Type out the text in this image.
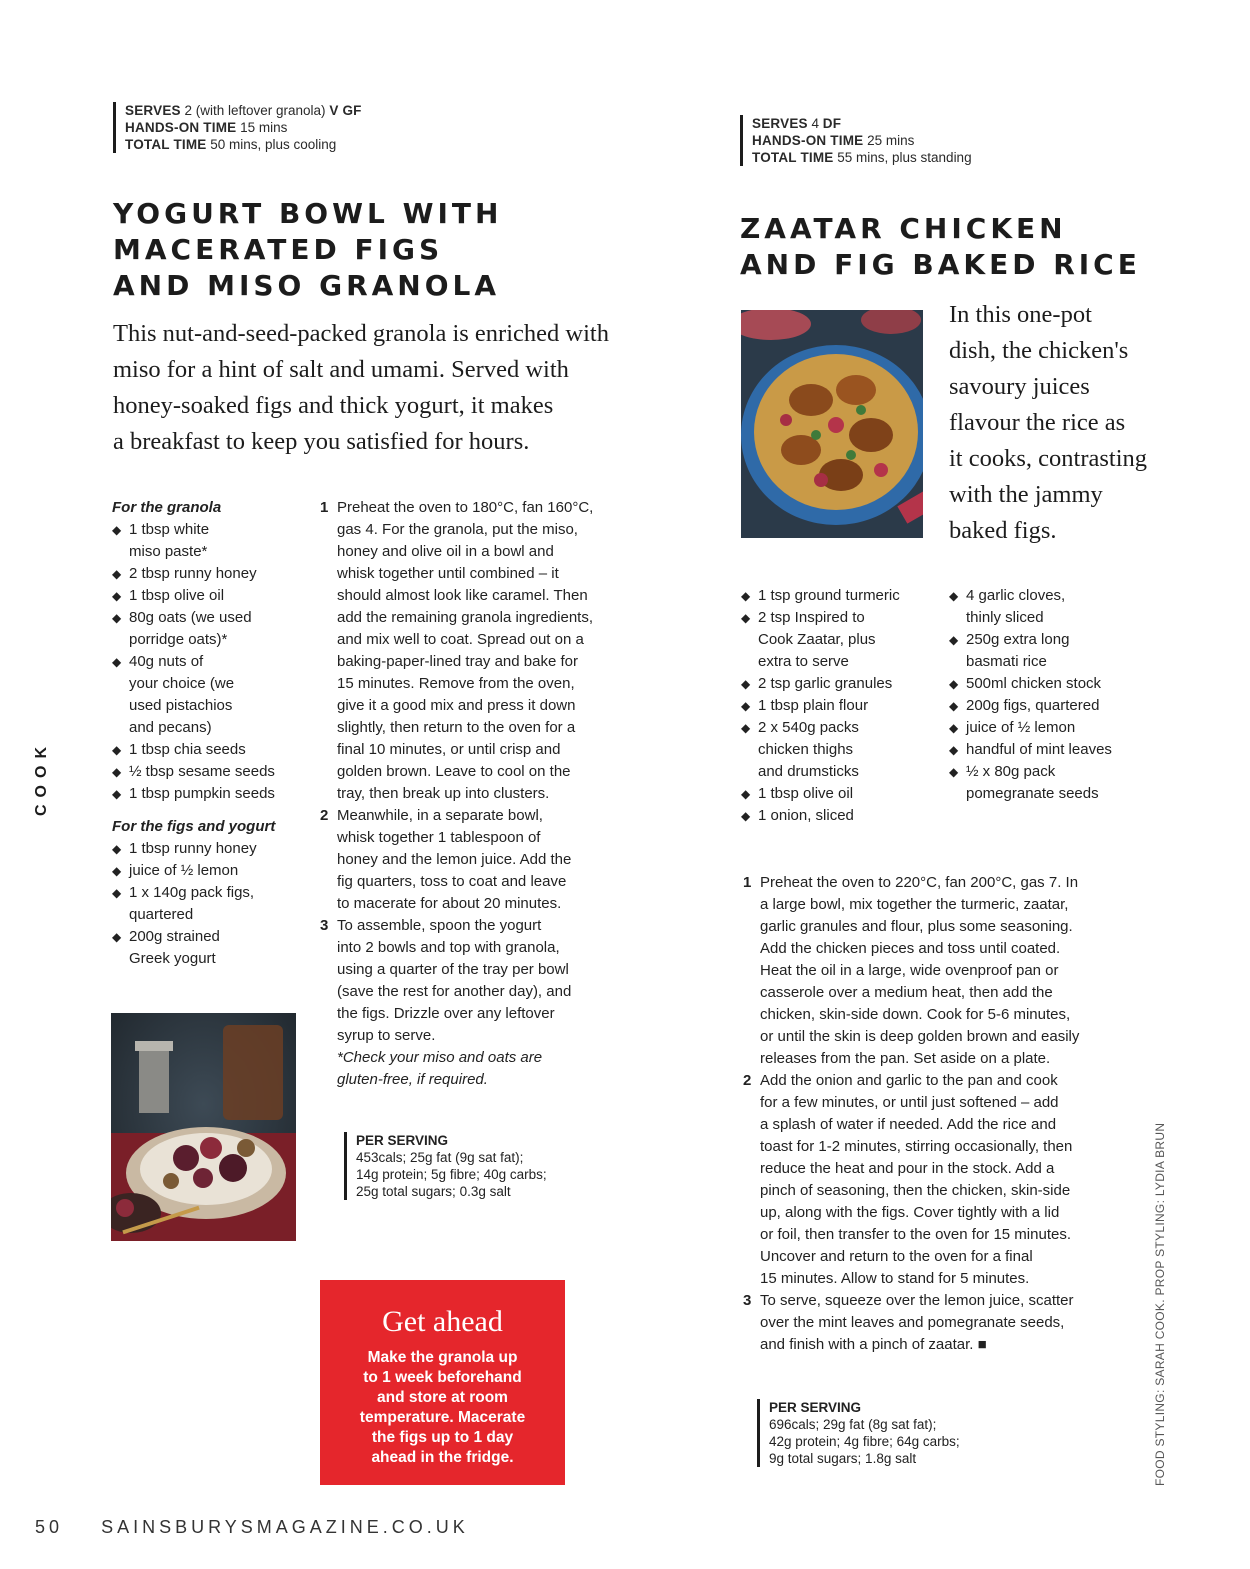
SERVES 2 (with leftover granola) V GF
HANDS-ON TIME 15 mins
TOTAL TIME 50 mins, plus cooling
YOGURT BOWL WITH
MACERATED FIGS
AND MISO GRANOLA
This nut-and-seed-packed granola is enriched with
miso for a hint of salt and umami. Served with
honey-soaked figs and thick yogurt, it makes
a breakfast to keep you satisfied for hours.
For the granola
◆ 1 tbsp white
miso paste*
◆ 2 tbsp runny honey
◆ 1 tbsp olive oil
◆ 80g oats (we used
porridge oats)*
◆ 40g nuts of
your choice (we
used pistachios
and pecans)
◆ 1 tbsp chia seeds
◆ ½ tbsp sesame seeds
◆ 1 tbsp pumpkin seeds
For the figs and yogurt
◆ 1 tbsp runny honey
◆ juice of ½ lemon
◆ 1 x 140g pack figs,
quartered
◆ 200g strained
Greek yogurt
1 Preheat the oven to 180°C, fan 160°C,
gas 4. For the granola, put the miso,
honey and olive oil in a bowl and
whisk together until combined – it
should almost look like caramel. Then
add the remaining granola ingredients,
and mix well to coat. Spread out on a
baking-paper-lined tray and bake for
15 minutes. Remove from the oven,
give it a good mix and press it down
slightly, then return to the oven for a
final 10 minutes, or until crisp and
golden brown. Leave to cool on the
tray, then break up into clusters.
2 Meanwhile, in a separate bowl,
whisk together 1 tablespoon of
honey and the lemon juice. Add the
fig quarters, toss to coat and leave
to macerate for about 20 minutes.
3 To assemble, spoon the yogurt
into 2 bowls and top with granola,
using a quarter of the tray per bowl
(save the rest for another day), and
the figs. Drizzle over any leftover
syrup to serve.
*Check your miso and oats are
gluten-free, if required.
PER SERVING
453cals; 25g fat (9g sat fat);
14g protein; 5g fibre; 40g carbs;
25g total sugars; 0.3g salt
Get ahead
Make the granola up
to 1 week beforehand
and store at room
temperature. Macerate
the figs up to 1 day
ahead in the fridge.
SERVES 4 DF
HANDS-ON TIME 25 mins
TOTAL TIME 55 mins, plus standing
ZAATAR CHICKEN
AND FIG BAKED RICE
In this one-pot
dish, the chicken's
savoury juices
flavour the rice as
it cooks, contrasting
with the jammy
baked figs.
◆ 1 tsp ground turmeric
◆ 2 tsp Inspired to
Cook Zaatar, plus
extra to serve
◆ 2 tsp garlic granules
◆ 1 tbsp plain flour
◆ 2 x 540g packs
chicken thighs
and drumsticks
◆ 1 tbsp olive oil
◆ 1 onion, sliced
◆ 4 garlic cloves,
thinly sliced
◆ 250g extra long
basmati rice
◆ 500ml chicken stock
◆ 200g figs, quartered
◆ juice of ½ lemon
◆ handful of mint leaves
◆ ½ x 80g pack
pomegranate seeds
1 Preheat the oven to 220°C, fan 200°C, gas 7. In
a large bowl, mix together the turmeric, zaatar,
garlic granules and flour, plus some seasoning.
Add the chicken pieces and toss until coated.
Heat the oil in a large, wide ovenproof pan or
casserole over a medium heat, then add the
chicken, skin-side down. Cook for 5-6 minutes,
or until the skin is deep golden brown and easily
releases from the pan. Set aside on a plate.
2 Add the onion and garlic to the pan and cook
for a few minutes, or until just softened – add
a splash of water if needed. Add the rice and
toast for 1-2 minutes, stirring occasionally, then
reduce the heat and pour in the stock. Add a
pinch of seasoning, then the chicken, skin-side
up, along with the figs. Cover tightly with a lid
or foil, then transfer to the oven for 15 minutes.
Uncover and return to the oven for a final
15 minutes. Allow to stand for 5 minutes.
3 To serve, squeeze over the lemon juice, scatter
over the mint leaves and pomegranate seeds,
and finish with a pinch of zaatar. ■
PER SERVING
696cals; 29g fat (8g sat fat);
42g protein; 4g fibre; 64g carbs;
9g total sugars; 1.8g salt
COOK
FOOD STYLING: SARAH COOK. PROP STYLING: LYDIA BRUN
50 SAINSBURYSMAGAZINE.CO.UK
